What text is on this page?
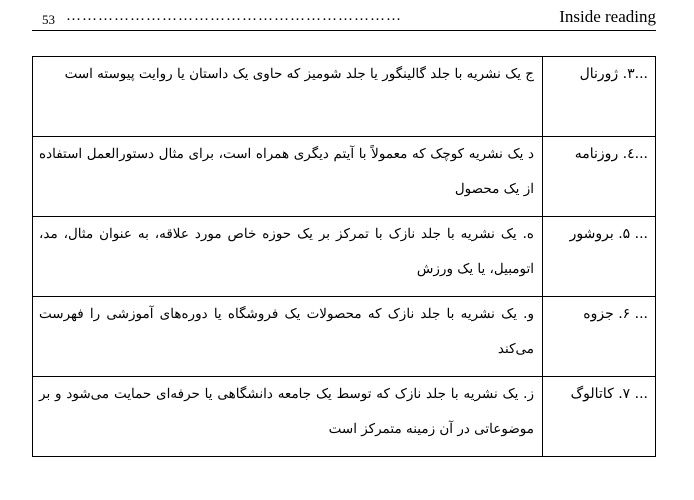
53 ………………………………………………………	Inside reading
ج یک نشریه با جلد گالینگور یا جلد شومیز که حاوی یک داستان یا روایت پیوسته است	...٣. ژورنال
د یک نشریه کوچک که معمولاً با آیتم دیگری همراه است، برای مثال دستورالعمل استفاده از یک محصول	...٤. روزنامه
ه. یک نشریه با جلد نازک با تمرکز بر یک حوزه خاص مورد علاقه، به عنوان مثال، مد، اتومبیل، یا یک ورزش	... ۵. بروشور
و. یک نشریه با جلد نازک که محصولات یک فروشگاه یا دوره‌های آموزشی را فهرست می‌کند	... ۶. جزوه
ز. یک نشریه با جلد نازک که توسط یک جامعه دانشگاهی یا حرفه‌ای حمایت می‌شود و بر موضوعاتی در آن زمینه متمرکز است	... ۷. کاتالوگ
